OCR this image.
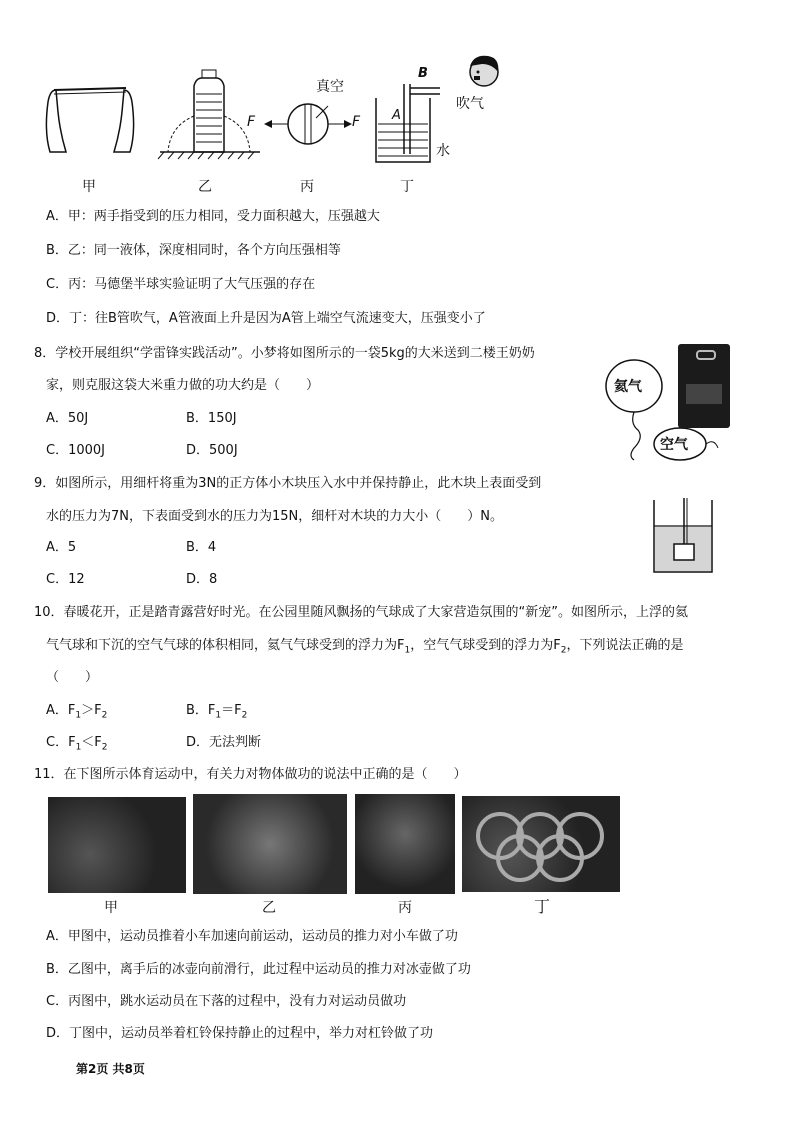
F	F
真空
B
A
吹气
水
甲	乙	丙	丁
A．甲：两手指受到的压力相同，受力面积越大，压强越大
B．乙：同一液体，深度相同时，各个方向压强相等
C．丙：马德堡半球实验证明了大气压强的存在
D．丁：往B管吹气，A管液面上升是因为A管上端空气流速变大，压强变小了
8．学校开展组织“学雷锋实践活动”。小梦将如图所示的一袋5kg的大米送到二楼王奶奶
家，则克服这袋大米重力做的功大约是（　　）
A．50J	B．150J
C．1000J	D．500J
氦气
空气
9．如图所示，用细杆将重为3N的正方体小木块压入水中并保持静止，此木块上表面受到
水的压力为7N，下表面受到水的压力为15N，细杆对木块的力大小（　　）N。
A．5	B．4
C．12	D．8
10．春暖花开，正是踏青露营好时光。在公园里随风飘扬的气球成了大家营造氛围的“新宠”。如图所示，上浮的氦
气气球和下沉的空气气球的体积相同，氦气气球受到的浮力为$F_1$，空气气球受到的浮力为$F_2$，下列说法正确的是
（　　）
A．$F_1>F_2$	B．$F_1=F_2$
C．$F_1<F_2$	D．无法判断
11．在下图所示体育运动中，有关力对物体做功的说法中正确的是（　　）
甲	乙	丙	丁
A．甲图中，运动员推着小车加速向前运动，运动员的推力对小车做了功
B．乙图中，离手后的冰壶向前滑行，此过程中运动员的推力对冰壶做了功
C．丙图中，跳水运动员在下落的过程中，没有力对运动员做功
D．丁图中，运动员举着杠铃保持静止的过程中，举力对杠铃做了功
第2页 共8页
